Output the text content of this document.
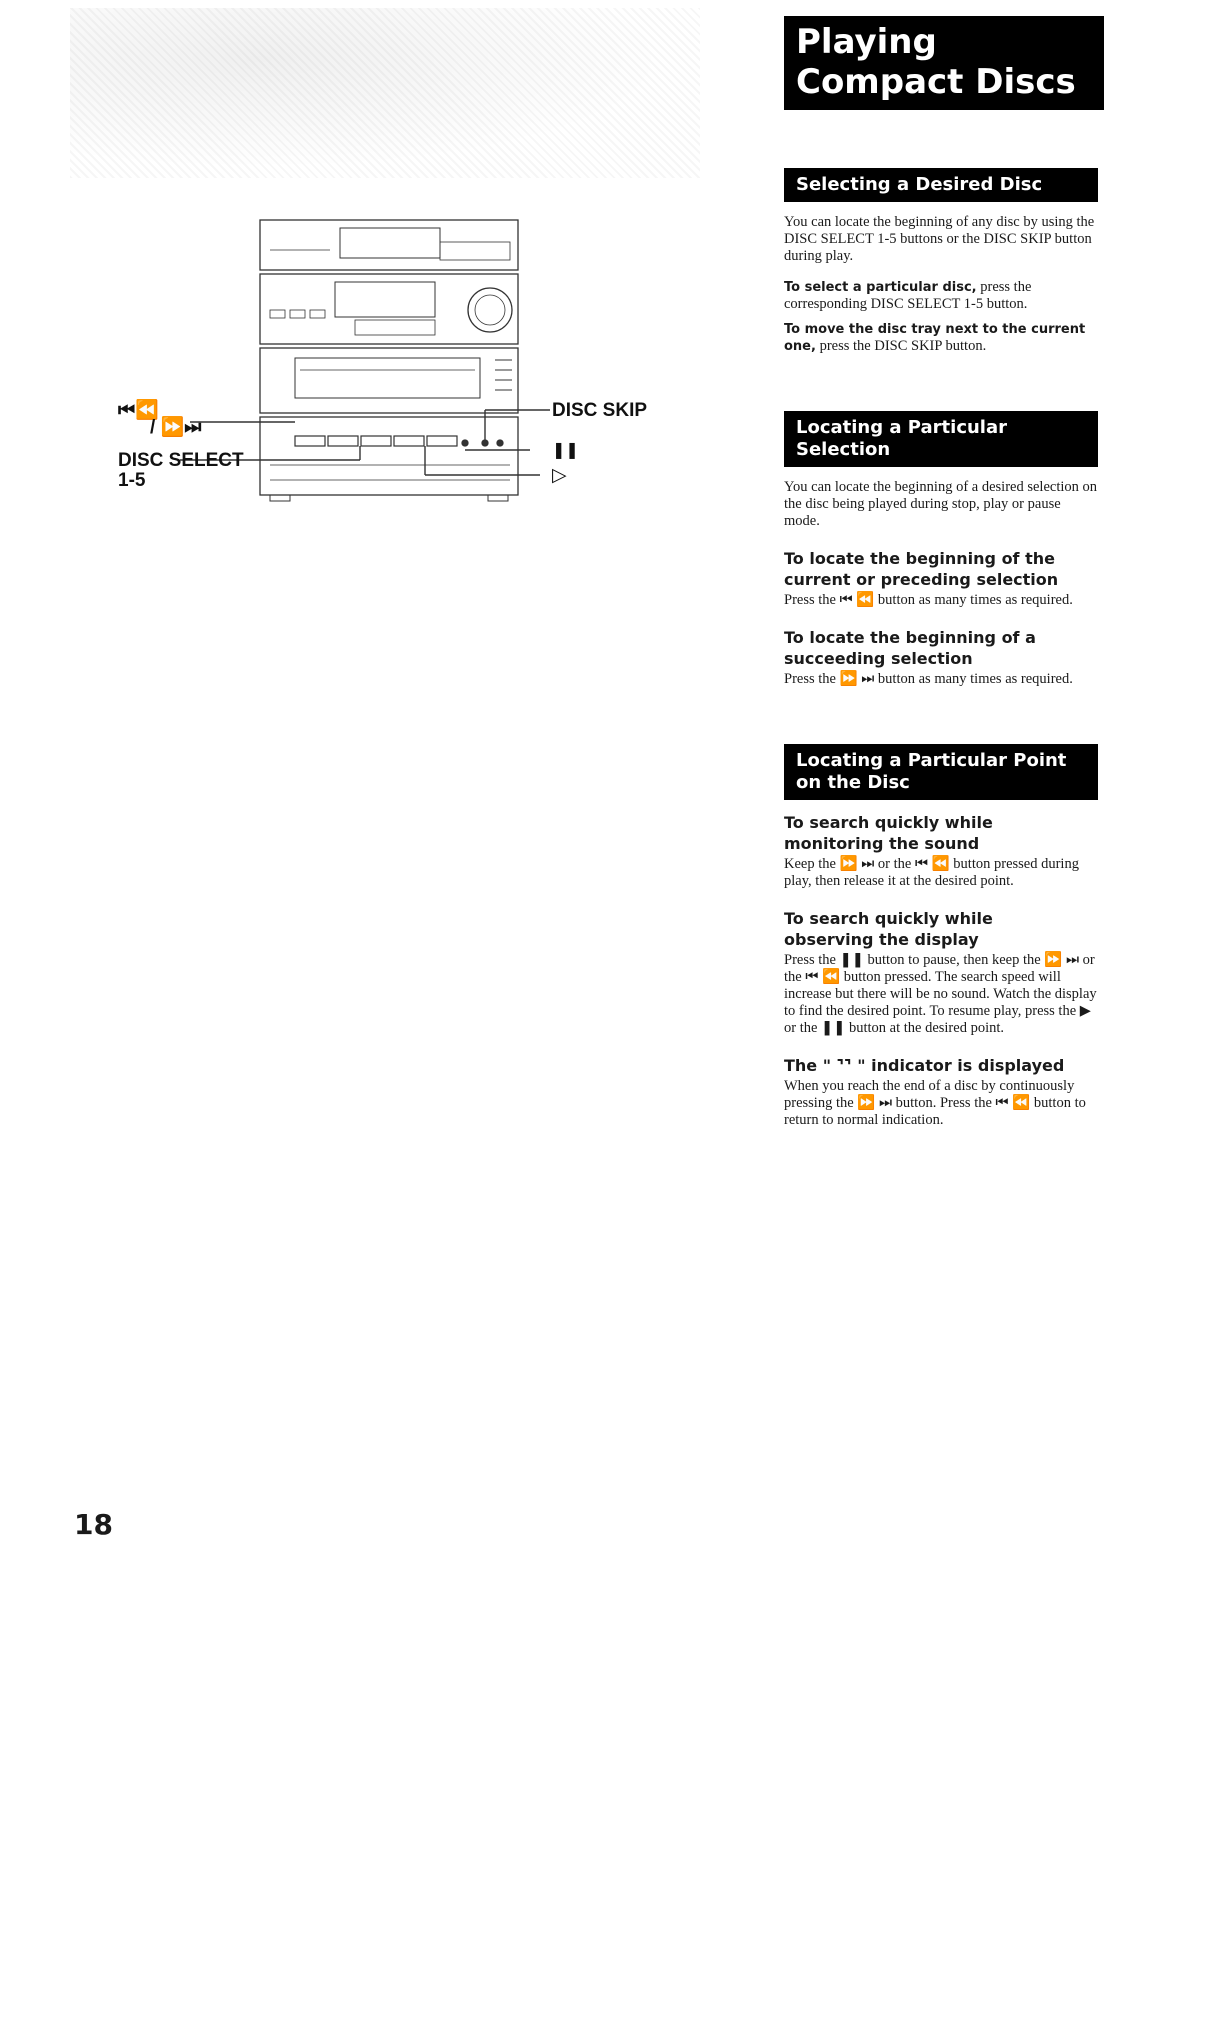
⏮⏪
/ ⏩⏭
DISC SELECT
1-5
DISC SKIP
❚❚
▷
Playing
Compact Discs
Selecting a Desired Disc

You can locate the beginning of any disc by using the DISC SELECT 1-5 buttons or the DISC SKIP button during play.

To select a particular disc, press the corresponding DISC SELECT 1-5 button.

To move the disc tray next to the current one, press the DISC SKIP button.

Locating a Particular
Selection

You can locate the beginning of a desired selection on the disc being played during stop, play or pause mode.

To locate the beginning of the
current or preceding selection

Press the ⏮ ⏪ button as many times as required.

To locate the beginning of a
succeeding selection

Press the ⏩ ⏭ button as many times as required.

Locating a Particular Point
on the Disc
To search quickly while
monitoring the sound

Keep the ⏩ ⏭ or the ⏮ ⏪ button pressed during play, then release it at the desired point.

To search quickly while
observing the display

Press the ❚❚ button to pause, then keep the ⏩ ⏭ or the ⏮ ⏪ button pressed. The search speed will increase but there will be no sound. Watch the display to find the desired point. To resume play, press the ▶ or the ❚❚ button at the desired point.

The " ⌝⌝ " indicator is displayed

When you reach the end of a disc by continuously pressing the ⏩ ⏭ button. Press the ⏮ ⏪ button to return to normal indication.

18
